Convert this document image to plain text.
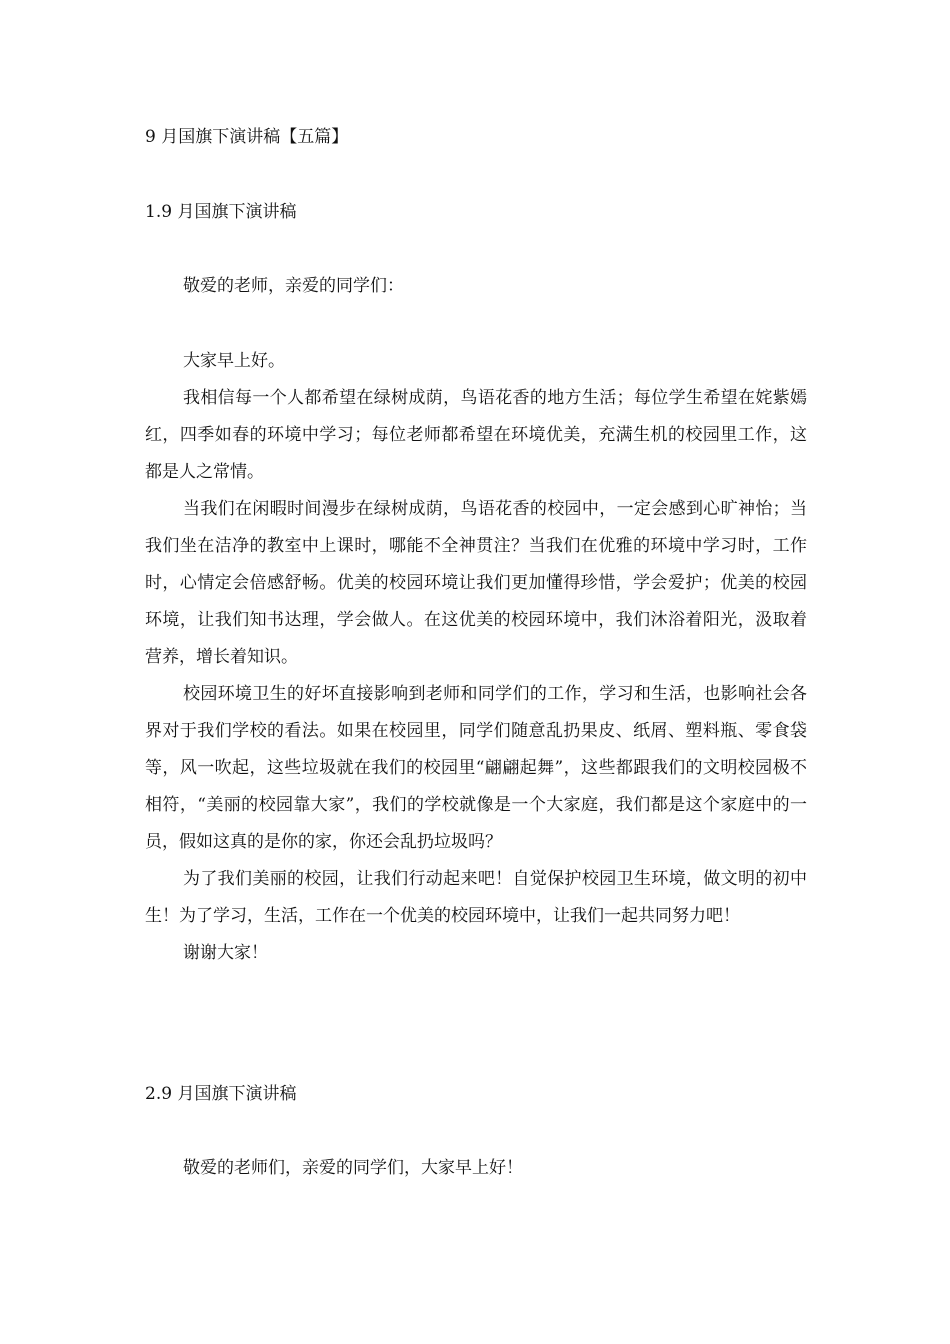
9 月国旗下演讲稿【五篇】
1.9 月国旗下演讲稿
敬爱的老师，亲爱的同学们：

大家早上好。

我相信每一个人都希望在绿树成荫，鸟语花香的地方生活；每位学生希望在姹紫嫣红，四季如春的环境中学习；每位老师都希望在环境优美，充满生机的校园里工作，这都是人之常情。

当我们在闲暇时间漫步在绿树成荫，鸟语花香的校园中，一定会感到心旷神怡；当我们坐在洁净的教室中上课时，哪能不全神贯注？当我们在优雅的环境中学习时，工作时，心情定会倍感舒畅。优美的校园环境让我们更加懂得珍惜，学会爱护；优美的校园环境，让我们知书达理，学会做人。在这优美的校园环境中，我们沐浴着阳光，汲取着营养，增长着知识。

校园环境卫生的好坏直接影响到老师和同学们的工作，学习和生活，也影响社会各界对于我们学校的看法。如果在校园里，同学们随意乱扔果皮、纸屑、塑料瓶、零食袋等，风一吹起，这些垃圾就在我们的校园里“翩翩起舞”，这些都跟我们的文明校园极不相符，“美丽的校园靠大家”，我们的学校就像是一个大家庭，我们都是这个家庭中的一员，假如这真的是你的家，你还会乱扔垃圾吗？

为了我们美丽的校园，让我们行动起来吧！自觉保护校园卫生环境，做文明的初中生！为了学习，生活，工作在一个优美的校园环境中，让我们一起共同努力吧！

谢谢大家！

2.9 月国旗下演讲稿
敬爱的老师们，亲爱的同学们，大家早上好！
